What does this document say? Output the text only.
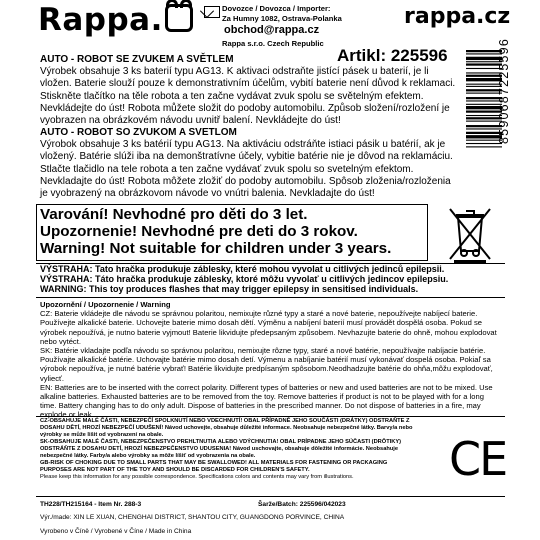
Rappa.	Dovozce / Dovozca / Importer:
Za Humny 1082, Ostrava-Polanka
obchod@rappa.cz
Rappa s.r.o. Czech Republic
rappa.cz
Artikl: 225596
AUTO - ROBOT SE ZVUKEM A SVĚTLEM
Výrobek obsahuje 3 ks baterií typu AG13. K aktivaci odstraňte jistící pásek u baterií, je li vložen. Baterie slouží pouze k demonstrativním účelům, vybití baterie není důvod k reklamaci. Stiskněte tlačítko na těle robota a ten začne vydávat zvuk spolu se světelným efektem. Nevkládejte do úst! Robota můžete složit do podoby automobilu. Způsob složení/rozložení je vyobrazen na obrázkovém návodu uvnitř balení. Nevkládejte do úst!
AUTO - ROBOT SO ZVUKOM A SVETLOM
Výrobok obsahuje 3 ks batérií typu AG13. Na aktiváciu odstráňte istiaci pásik u batérií, ak je vložený. Batérie slúži iba na demonštratívne účely, vybitie batérie nie je dôvod na reklamáciu. Stlačte tlačidlo na tele robota a ten začne vydávať zvuk spolu so svetelným efektom. Nevkladajte do úst! Robota môžete zložiť do podoby automobilu. Spôsob zloženia/rozloženia je vyobrazený na obrázkovom návode vo vnútri balenia. Nevkladajte do úst!
Varování! Nevhodné pro děti do 3 let.
Upozornenie! Nevhodné pre deti do 3 rokov.
Warning! Not suitable for children under 3 years.
VÝSTRAHA: Tato hračka produkuje záblesky, které mohou vyvolat u citlivých jedinců epilepsii.
VÝSTRAHA: Táto hračka produkuje záblesky, ktoré môžu vyvolať u citlivých jedincov epilepsiu.
WARNING: This toy produces flashes that may trigger epilepsy in sensitised individuals.
Upozornění / Upozornenie / Warning
CZ: Baterie vkládejte dle návodu se správnou polaritou, nemixujte různé typy a staré a nové baterie, nepoužívejte nabíjecí baterie. Používejte alkalické baterie. Uchovejte baterie mimo dosah dětí. Výměnu a nabíjení baterií musí provádět dospělá osoba. Pokud se výrobek nepoužívá, je nutno baterie vyjmout! Baterie likvidujte předepsaným způsobem. Nevhazujte baterie do ohně, mohou explodovat nebo vytéct.
SK: Batérie vkladajte podľa návodu so správnou polaritou, nemixujte rôzne typy, staré a nové batérie, nepoužívajte nabíjacie batérie. Používajte alkalické batérie. Uchovajte batérie mimo dosah detí. Výmenu a nabíjanie batérií musí vykonávať dospelá osoba. Pokiaľ sa výrobok nepoužíva, je nutné batérie vybrať! Batérie likvidujte predpísaným spôsobom.Neodhadzujte batérie do ohňa,môžu explodovať, vyliecť.
EN: Batteries are to be inserted with the correct polarity. Different types of batteries or new and used batteries are not to be mixed. Use alkaline batteries. Exhausted batteries are to be removed from the toy. Remove batteries if product is not to be played with for a long time. Battery changing has to do only adult. Dispose of batteries in the prescribed manner. Do not dispose of batteries in a fire, may explode or leak.
CZ-OBSAHUJE MALÉ ČÁSTI, NEBEZPEČÍ SPOLKNUTÍ NEBO VDECHNUTÍ! OBAL PŘÍPADNĚ JEHO SOUČÁSTI (DRÁTKY) ODSTRAŇTE Z DOSAHU DĚTÍ, HROZÍ NEBEZPEČÍ UDUŠENÍ! Návod uchovejte, obsahuje důležité informace. Neobsahuje nebezpečné látky. Barvy/a nebo výrobky se může lišit od vyobrazení na obale.
SK-OBSAHUJE MALÉ ČASTI, NEBEZPEČENSTVO PREHLTNUTIA ALEBO VDÝCHNUTIA! OBAL PRÍPADNE JEHO SÚČASTI (DRÔTIKY) ODSTRÁŇTE Z DOSAHU DETÍ, HROZÍ NEBEZPEČENSTVO UDUSENIA! Návod uschovajte, obsahuje dôležité informácie. Neobsahuje nebezpečné látky. Farby/a alebo výrobky sa môže líšiť od vyobrazenia na obale.
GB-RISK OF CHOKING DUE TO SMALL PARTS THAT MAY BE SWALLOWED! ALL MATERIALS FOR FASTENING OR PACKAGING PURPOSES ARE NOT PART OF THE TOY AND SHOULD BE DISCARDED FOR CHILDREN'S SAFETY.
Please keep this information for any possible correspondence. Specifications colors and contents may vary from illustrations.
TH228/TH215164 - Item Nr. 288-3	Šarže/Batch: 225596/042023
Výr./made: XIN LE XUAN, CHENGHAI DISTRICT, SHANTOU CITY, GUANGDONG PORVINCE, CHINA
Vyrobeno v Číně / Vyrobené v Číne / Made in China
8590687225596
CE
